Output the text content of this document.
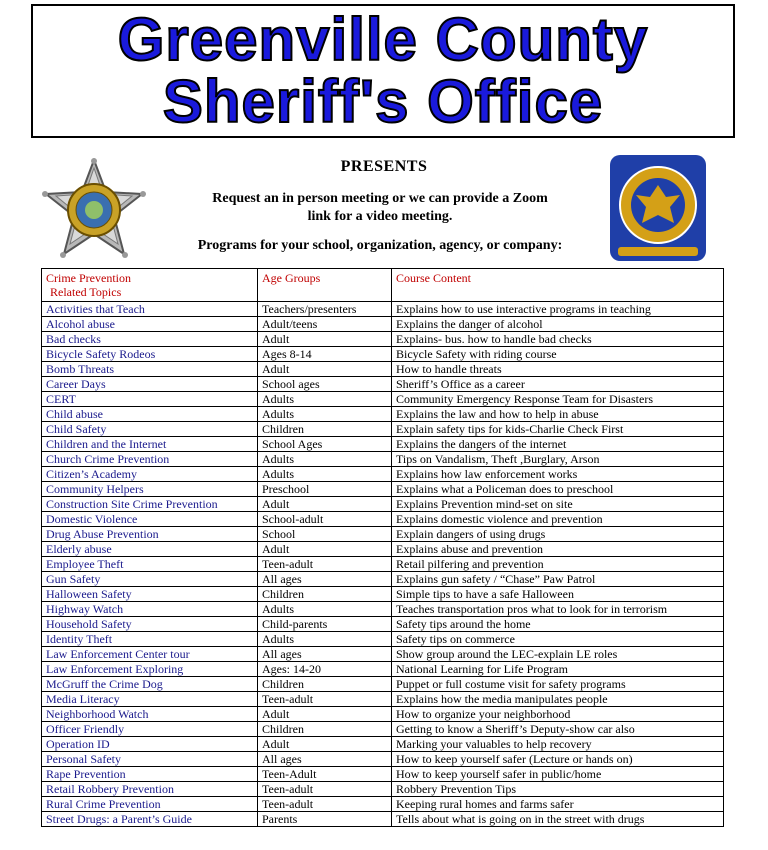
Greenville County
Sheriff's Office
PRESENTS
Request an in person meeting or we can provide a Zoom link for a video meeting.
Programs for your school, organization, agency, or company:
Crime Prevention
Related Topics	Age Groups	Course Content
Activities that Teach	Teachers/presenters	Explains how to use interactive programs in teaching
Alcohol abuse	Adult/teens	Explains the danger of alcohol
Bad checks	Adult	Explains- bus. how to handle bad checks
Bicycle Safety Rodeos	Ages 8-14	Bicycle Safety with riding course
Bomb Threats	Adult	How to handle threats
Career Days	School ages	Sheriff’s Office as a career
CERT	Adults	Community Emergency Response Team for Disasters
Child abuse	Adults	Explains the law and how to help in abuse
Child Safety	Children	Explain safety tips for kids-Charlie Check First
Children and the Internet	School Ages	Explains the dangers of the internet
Church Crime Prevention	Adults	Tips on Vandalism, Theft ,Burglary, Arson
Citizen’s Academy	Adults	Explains how law enforcement works
Community Helpers	Preschool	Explains what a Policeman does to preschool
Construction Site Crime Prevention	Adult	Explains Prevention mind-set on site
Domestic Violence	School-adult	Explains domestic violence and prevention
Drug Abuse Prevention	School	Explain dangers of using drugs
Elderly abuse	Adult	Explains abuse and prevention
Employee Theft	Teen-adult	Retail pilfering and prevention
Gun Safety	All ages	Explains gun safety / “Chase” Paw Patrol
Halloween Safety	Children	Simple tips to have a safe Halloween
Highway Watch	Adults	Teaches transportation pros what to look for in terrorism
Household Safety	Child-parents	Safety tips around the home
Identity Theft	Adults	Safety tips on commerce
Law Enforcement Center tour	All ages	Show group around the LEC-explain LE roles
Law Enforcement Exploring	Ages: 14-20	National Learning for Life Program
McGruff the Crime Dog	Children	Puppet or full costume visit for safety programs
Media Literacy	Teen-adult	Explains how the media manipulates people
Neighborhood Watch	Adult	How to organize your neighborhood
Officer Friendly	Children	Getting to know a Sheriff’s Deputy-show car also
Operation ID	Adult	Marking your valuables to help recovery
Personal Safety	All ages	How to keep yourself safer (Lecture or hands on)
Rape Prevention	Teen-Adult	How to keep yourself safer in public/home
Retail Robbery Prevention	Teen-adult	Robbery Prevention Tips
Rural Crime Prevention	Teen-adult	Keeping rural homes and farms safer
Street Drugs: a Parent’s Guide	Parents	Tells about what is going on in the street with drugs
